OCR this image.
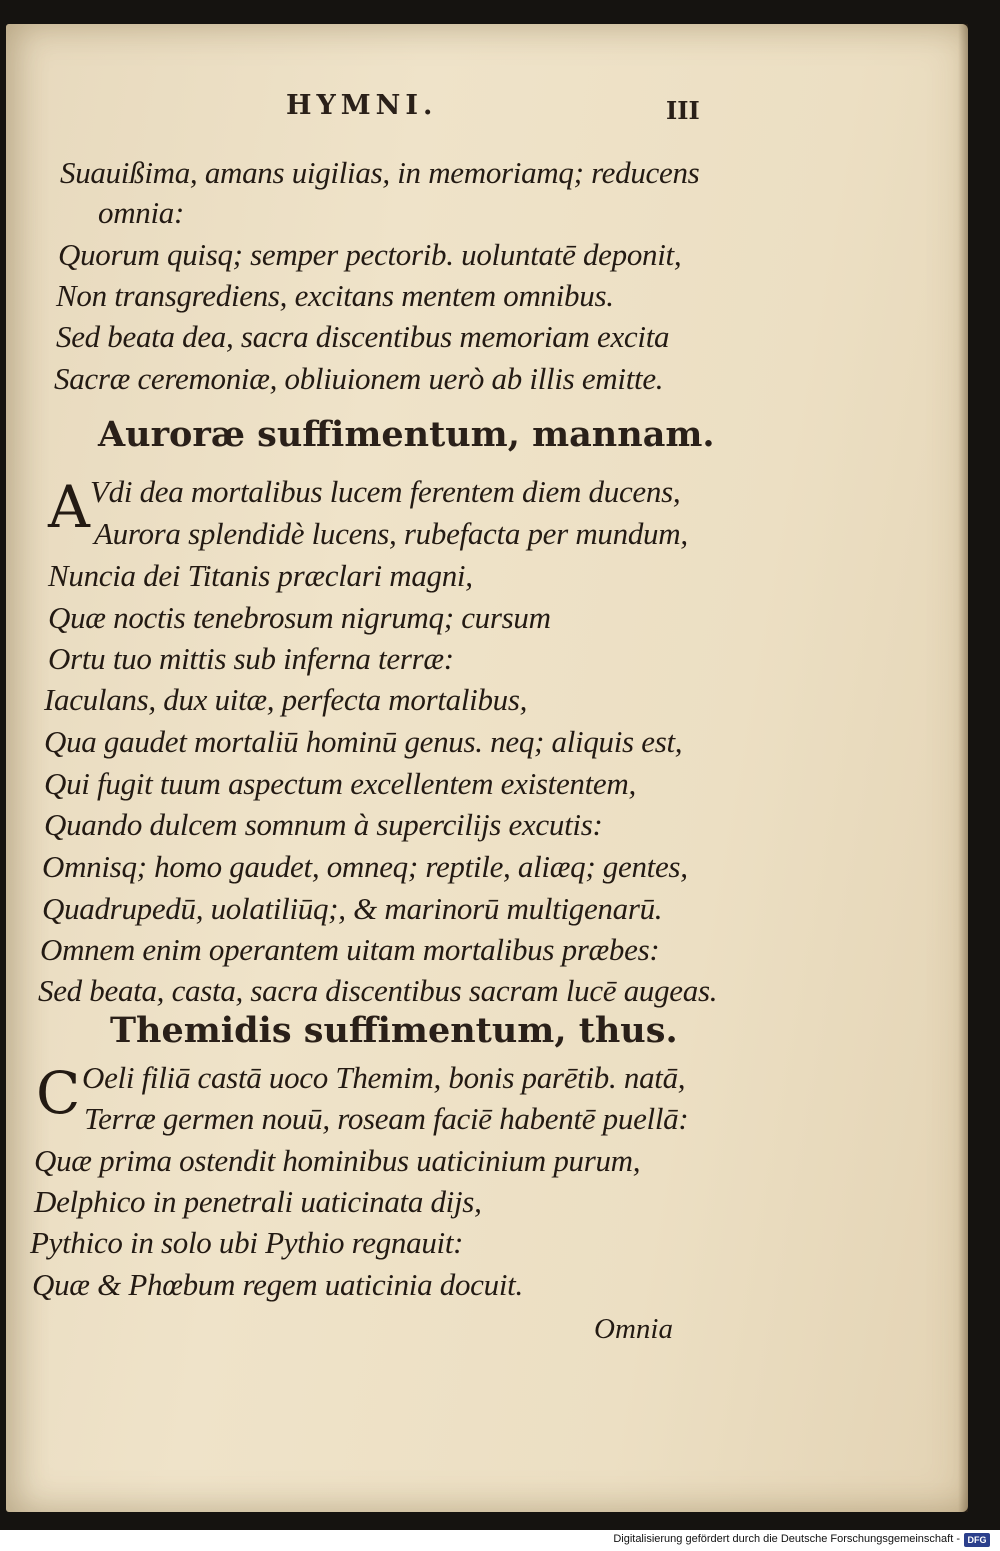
HYMNI.	III

Suauißima, amans uigilias, in memoriamq; reducens

omnia:

Quorum quisq; semper pectorib. uoluntatē deponit,

Non transgrediens, excitans mentem omnibus.

Sed beata dea, sacra discentibus memoriam excita

Sacræ ceremoniæ, obliuionem uerò ab illis emitte.

Auroræ suffimentum, mannam.
A Vdi dea mortalibus lucem ferentem diem ducens,

Aurora splendidè lucens, rubefacta per mundum,

Nuncia dei Titanis præclari magni,

Quæ noctis tenebrosum nigrumq; cursum

Ortu tuo mittis sub inferna terræ:

Iaculans, dux uitæ, perfecta mortalibus,

Qua gaudet mortaliū hominū genus. neq; aliquis est,

Qui fugit tuum aspectum excellentem existentem,

Quando dulcem somnum à supercilijs excutis:

Omnisq; homo gaudet, omneq; reptile, aliæq; gentes,

Quadrupedū, uolatiliūq;, & marinorū multigenarū.

Omnem enim operantem uitam mortalibus præbes:

Sed beata, casta, sacra discentibus sacram lucē augeas.

Themidis suffimentum, thus.
C Oeli filiā castā uoco Themim, bonis parētib. natā,

Terræ germen nouū, roseam faciē habentē puellā:

Quæ prima ostendit hominibus uaticinium purum,

Delphico in penetrali uaticinata dijs,

Pythico in solo ubi Pythio regnauit:

Quæ & Phœbum regem uaticinia docuit.

Omnia
Digitalisierung gefördert durch die Deutsche Forschungsgemeinschaft - DFG
